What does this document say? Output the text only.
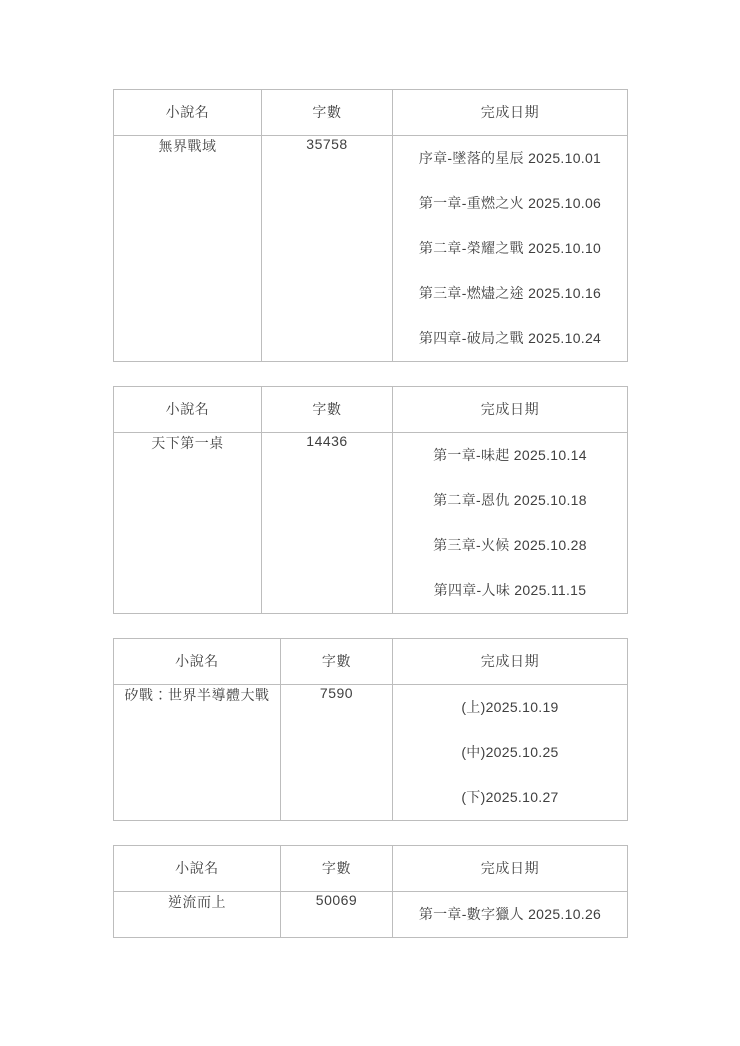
小說名	字數	完成日期
無界戰域	35758	序章-墜落的星辰 2025.10.01
第一章-重燃之火 2025.10.06
第二章-榮耀之戰 2025.10.10
第三章-燃燼之途 2025.10.16
第四章-破局之戰 2025.10.24
小說名	字數	完成日期
天下第一桌	14436	第一章-味起 2025.10.14
第二章-恩仇 2025.10.18
第三章-火候 2025.10.28
第四章-人味 2025.11.15
小說名	字數	完成日期
矽戰：世界半導體大戰	7590	(上)2025.10.19
(中)2025.10.25
(下)2025.10.27
小說名	字數	完成日期
逆流而上	50069	第一章-數字獵人 2025.10.26
